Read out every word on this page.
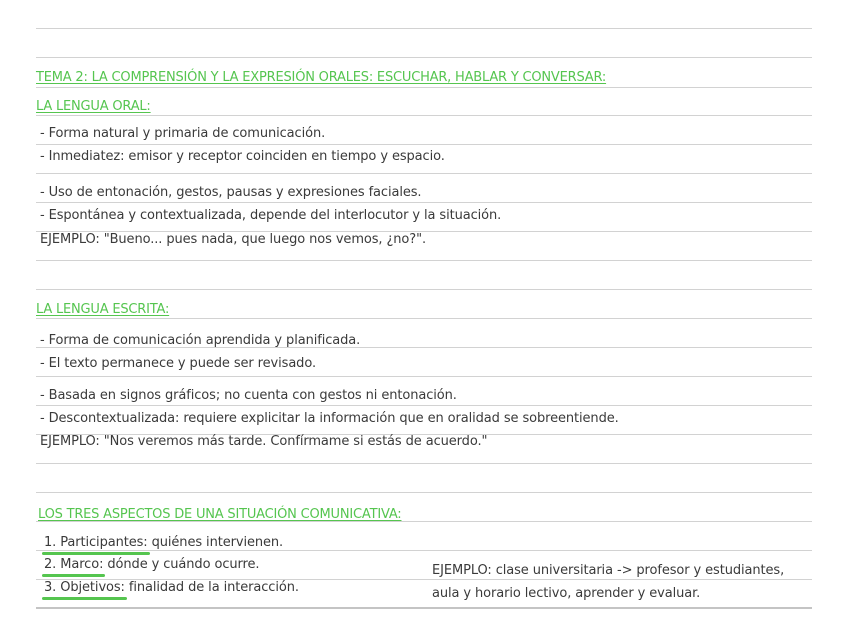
TEMA 2: LA COMPRENSIÓN Y LA EXPRESIÓN ORALES: ESCUCHAR, HABLAR Y CONVERSAR:
LA LENGUA ORAL:
- Forma natural y primaria de comunicación.
- Inmediatez: emisor y receptor coinciden en tiempo y espacio.
- Uso de entonación, gestos, pausas y expresiones faciales.
- Espontánea y contextualizada, depende del interlocutor y la situación.
EJEMPLO: "Bueno... pues nada, que luego nos vemos, ¿no?".
LA LENGUA ESCRITA:
- Forma de comunicación aprendida y planificada.
- El texto permanece y puede ser revisado.
- Basada en signos gráficos; no cuenta con gestos ni entonación.
- Descontextualizada: requiere explicitar la información que en oralidad se sobreentiende.
EJEMPLO: "Nos veremos más tarde. Confírmame si estás de acuerdo."
LOS TRES ASPECTOS DE UNA SITUACIÓN COMUNICATIVA:
1. Participantes: quiénes intervienen.
2. Marco: dónde y cuándo ocurre.
3. Objetivos: finalidad de la interacción.
EJEMPLO: clase universitaria -> profesor y estudiantes,
aula y horario lectivo, aprender y evaluar.
